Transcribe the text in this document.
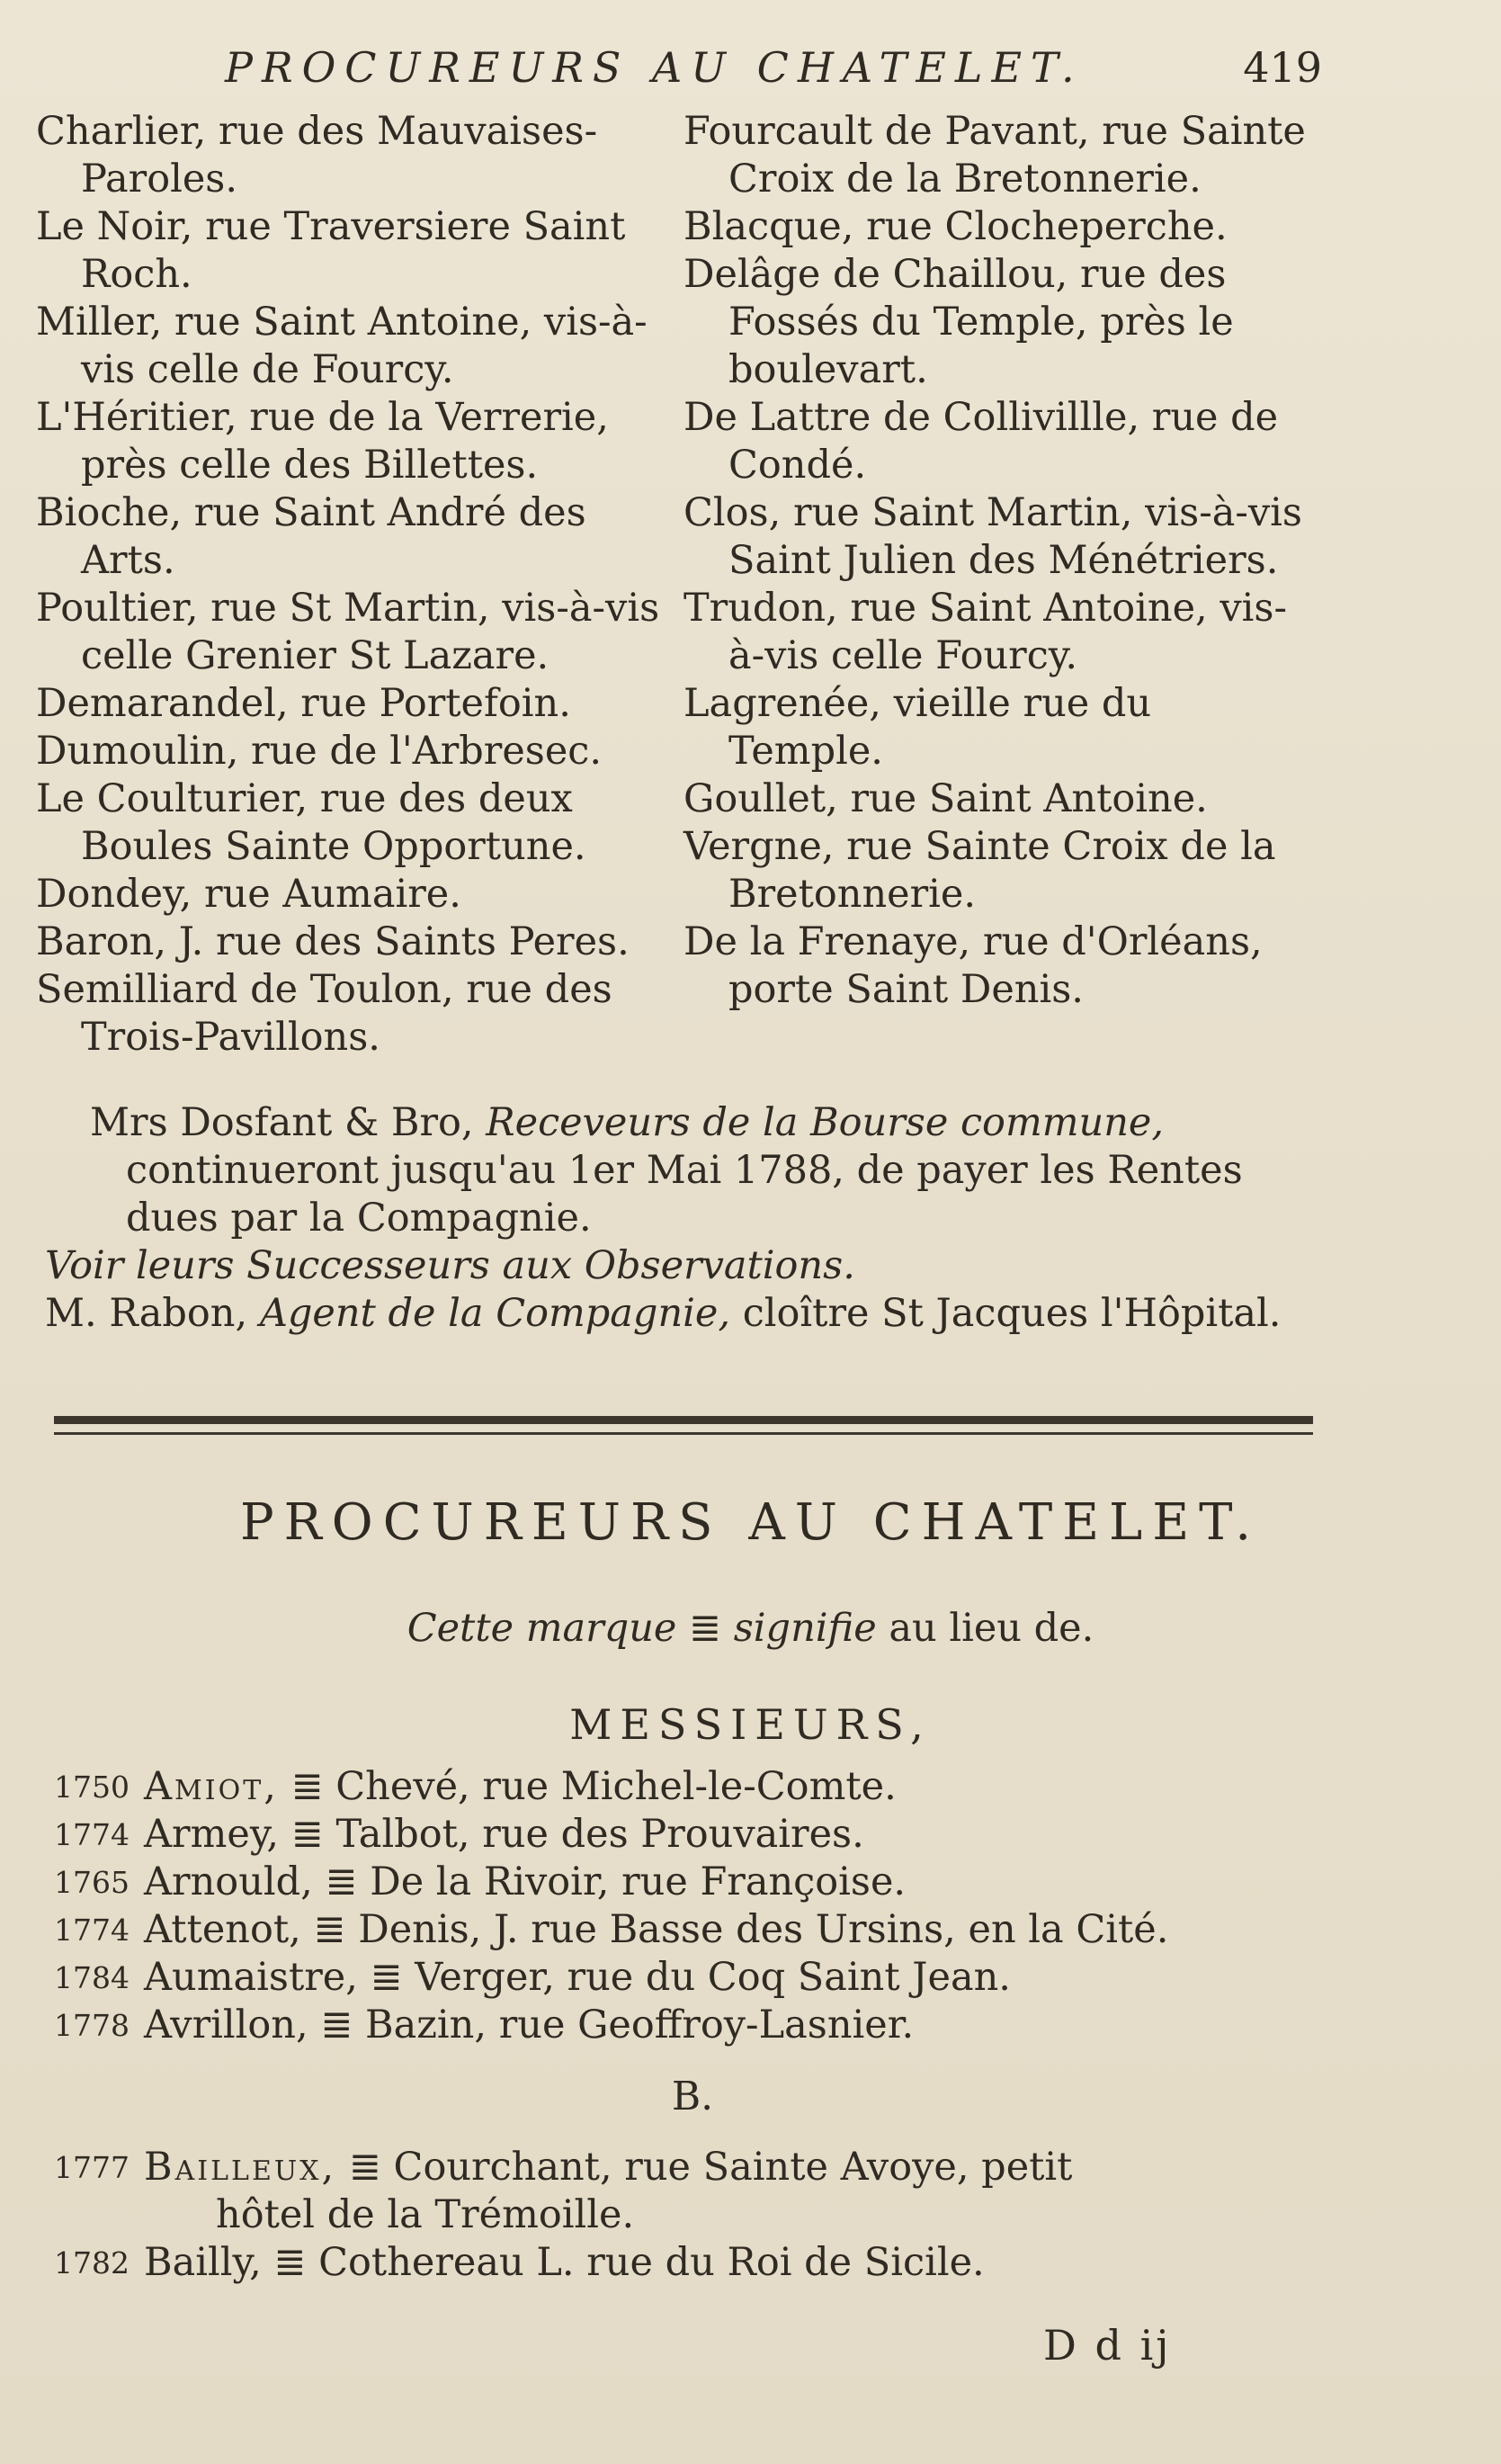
PROCUREURS AU CHATELET.	419

Charlier, rue des Mauvaises-Paroles.

Le Noir, rue Traversiere Saint Roch.

Miller, rue Saint Antoine, vis-à-vis celle de Fourcy.

L'Héritier, rue de la Verrerie, près celle des Billettes.

Bioche, rue Saint André des Arts.

Poultier, rue St Martin, vis-à-vis celle Grenier St Lazare.

Demarandel, rue Portefoin.

Dumoulin, rue de l'Arbresec.

Le Coulturier, rue des deux Boules Sainte Opportune.

Dondey, rue Aumaire.

Baron, J. rue des Saints Peres.

Semilliard de Toulon, rue des Trois-Pavillons.

Fourcault de Pavant, rue Sainte Croix de la Bretonnerie.

Blacque, rue Clocheperche.

Delâge de Chaillou, rue des Fossés du Temple, près le boulevart.

De Lattre de Collivillle, rue de Condé.

Clos, rue Saint Martin, vis-à-vis Saint Julien des Ménétriers.

Trudon, rue Saint Antoine, vis-à-vis celle Fourcy.

Lagrenée, vieille rue du Temple.

Goullet, rue Saint Antoine.

Vergne, rue Sainte Croix de la Bretonnerie.

De la Frenaye, rue d'Orléans, porte Saint Denis.

Mrs Dosfant & Bro, Receveurs de la Bourse commune, continueront jusqu'au 1er Mai 1788, de payer les Rentes dues par la Compagnie.

Voir leurs Successeurs aux Observations.

M. Rabon, Agent de la Compagnie, cloître St Jacques l'Hôpital.

PROCUREURS AU CHATELET.
Cette marque ≣ signifie au lieu de.
MESSIEURS,
1750 Amiot, ≣ Chevé, rue Michel-le-Comte.
1774 Armey, ≣ Talbot, rue des Prouvaires.
1765 Arnould, ≣ De la Rivoir, rue Françoise.
1774 Attenot, ≣ Denis, J. rue Basse des Ursins, en la Cité.
1784 Aumaistre, ≣ Verger, rue du Coq Saint Jean.
1778 Avrillon, ≣ Bazin, rue Geoffroy-Lasnier.
B.
1777 Bailleux, ≣ Courchant, rue Sainte Avoye, petit
hôtel de la Trémoille.
1782 Bailly, ≣ Cothereau L. rue du Roi de Sicile.
D d ij
